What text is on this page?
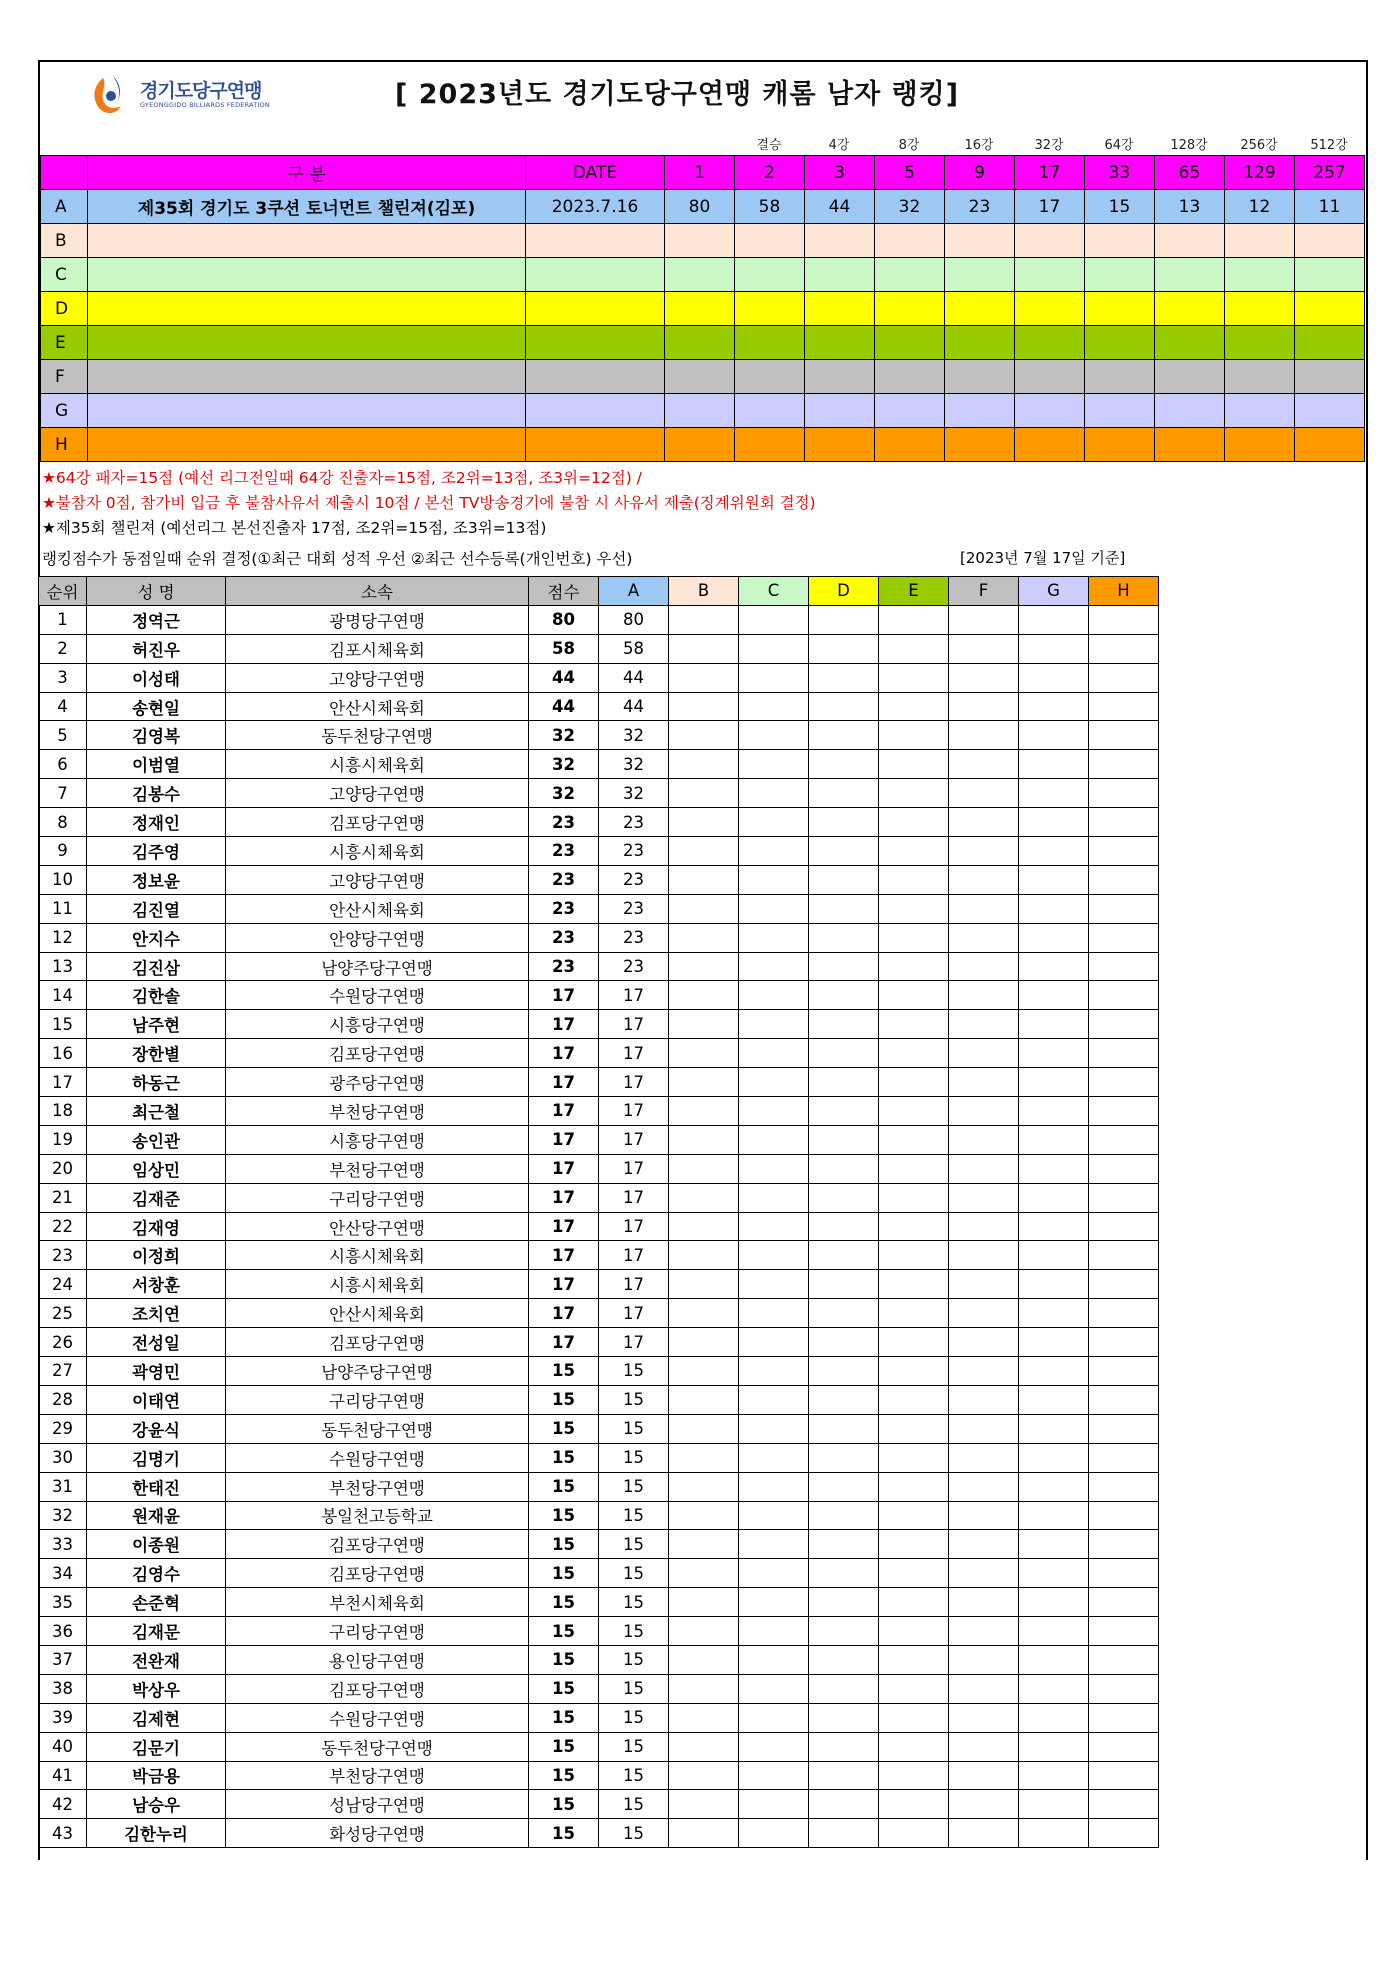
경기도당구연맹
GYEONGGIDO BILLIARDS FEDERATION	[ 2023년도 경기도당구연맹 캐롬 남자 랭킹]
결승	4강	8강	16강	32강	64강	128강	256강	512강
	구 분	DATE	1	2	3	5	9	17	33	65	129	257
A	제35회 경기도 3쿠션 토너먼트 챌린져(김포)	2023.7.16	80	58	44	32	23	17	15	13	12	11
B												
C												
D												
E												
F												
G												
H												
★64강 패자=15점 (예선 리그전일때 64강 진출자=15점, 조2위=13점, 조3위=12점) /
★불참자 0점, 참가비 입금 후 불참사유서 제출시 10점 / 본선 TV방송경기에 불참 시 사유서 제출(징계위원회 결정)
★제35회 챌린져 (예선리그 본선진출자 17점, 조2위=15점, 조3위=13점)
랭킹점수가 동점일때 순위 결정(①최근 대회 성적 우선 ②최근 선수등록(개인번호) 우선)	[2023년 7월 17일 기준]
순위	성 명	소속	점수	A	B	C	D	E	F	G	H
1	정역근	광명당구연맹	80	80							
2	허진우	김포시체육회	58	58							
3	이성태	고양당구연맹	44	44							
4	송현일	안산시체육회	44	44							
5	김영복	동두천당구연맹	32	32							
6	이범열	시흥시체육회	32	32							
7	김봉수	고양당구연맹	32	32							
8	정재인	김포당구연맹	23	23							
9	김주영	시흥시체육회	23	23							
10	정보윤	고양당구연맹	23	23							
11	김진열	안산시체육회	23	23							
12	안지수	안양당구연맹	23	23							
13	김진삼	남양주당구연맹	23	23							
14	김한솔	수원당구연맹	17	17							
15	남주현	시흥당구연맹	17	17							
16	장한별	김포당구연맹	17	17							
17	하동근	광주당구연맹	17	17							
18	최근철	부천당구연맹	17	17							
19	송인관	시흥당구연맹	17	17							
20	임상민	부천당구연맹	17	17							
21	김재준	구리당구연맹	17	17							
22	김재영	안산당구연맹	17	17							
23	이정희	시흥시체육회	17	17							
24	서창훈	시흥시체육회	17	17							
25	조치연	안산시체육회	17	17							
26	전성일	김포당구연맹	17	17							
27	곽영민	남양주당구연맹	15	15							
28	이태연	구리당구연맹	15	15							
29	강윤식	동두천당구연맹	15	15							
30	김명기	수원당구연맹	15	15							
31	한태진	부천당구연맹	15	15							
32	원재윤	봉일천고등학교	15	15							
33	이종원	김포당구연맹	15	15							
34	김영수	김포당구연맹	15	15							
35	손준혁	부천시체육회	15	15							
36	김재문	구리당구연맹	15	15							
37	전완재	용인당구연맹	15	15							
38	박상우	김포당구연맹	15	15							
39	김제현	수원당구연맹	15	15							
40	김문기	동두천당구연맹	15	15							
41	박금용	부천당구연맹	15	15							
42	남승우	성남당구연맹	15	15							
43	김한누리	화성당구연맹	15	15							
